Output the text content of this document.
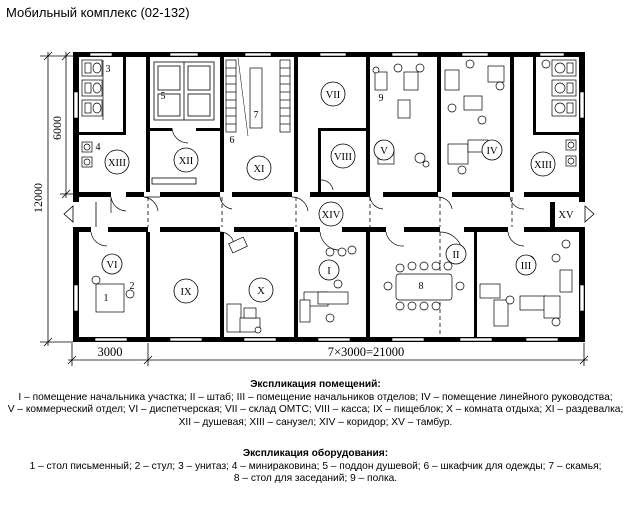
Мобильный комплекс (02-132)
12000
6000
3000	7×3000=21000
XIII	XII
XI
VII
VIII
V	IV
XIII
VI
IX	X
I
II
III
XIV	XV
1
2
3
4
5
6
7
8
9
Экспликация помещений:
I – помещение начальника участка; II – штаб; III – помещение начальников отделов; IV – помещение линейного руководства;
V – коммерческий отдел; VI – диспетчерская; VII – склад ОМТС; VIII – касса; IX – пищеблок; X – комната отдыха; XI – раздевалка;
XII – душевая; XIII – санузел; XIV – коридор; XV – тамбур.
Экспликация оборудования:
1 – стол письменный; 2 – стул; 3 – унитаз; 4 – миниракoвина; 5 – поддон душевой; 6 – шкафчик для одежды; 7 – скамья;
8 – стол для заседаний; 9 – полка.
